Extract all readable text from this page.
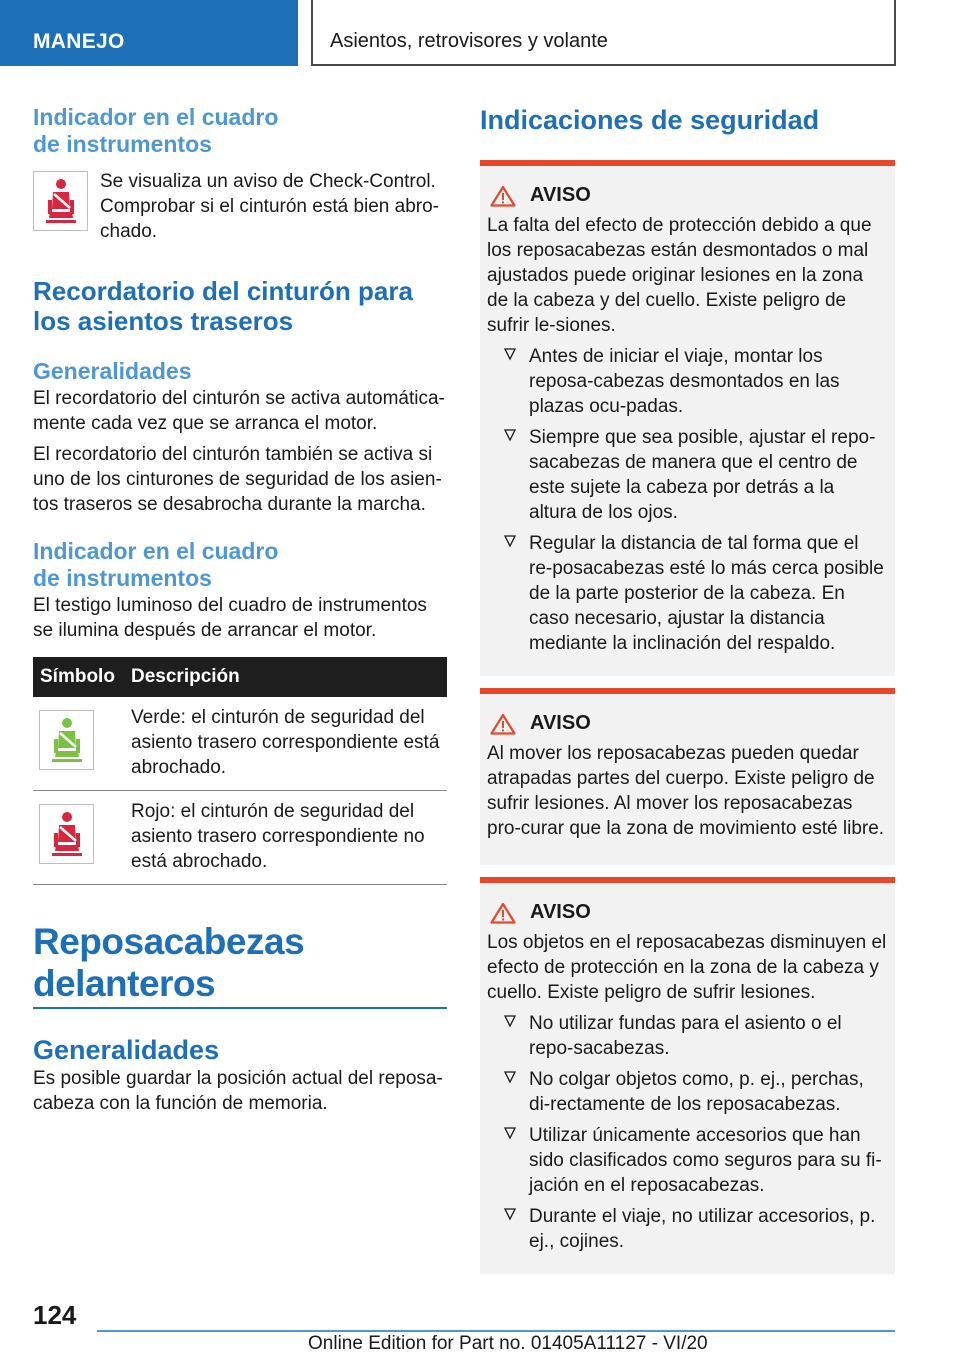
MANEJO	Asientos, retrovisores y volante
Indicador en el cuadro de instrumentos
Se visualiza un aviso de Check-Control. Comprobar si el cinturón está bien abro-chado.
Recordatorio del cinturón para los asientos traseros
Generalidades
El recordatorio del cinturón se activa automática-mente cada vez que se arranca el motor.
El recordatorio del cinturón también se activa si uno de los cinturones de seguridad de los asien-tos traseros se desabrocha durante la marcha.
Indicador en el cuadro de instrumentos
El testigo luminoso del cuadro de instrumentos se ilumina después de arrancar el motor.
Símbolo Descripción
Verde: el cinturón de seguridad del asiento trasero correspondiente está abrochado.
Rojo: el cinturón de seguridad del asiento trasero correspondiente no está abrochado.
Reposacabezas delanteros
Generalidades
Es posible guardar la posición actual del reposa-cabeza con la función de memoria.
Indicaciones de seguridad
AVISO
La falta del efecto de protección debido a que los reposacabezas están desmontados o mal ajustados puede originar lesiones en la zona de la cabeza y del cuello. Existe peligro de sufrir le-siones.
Antes de iniciar el viaje, montar los reposa-cabezas desmontados en las plazas ocu-padas.
Siempre que sea posible, ajustar el repo-sacabezas de manera que el centro de este sujete la cabeza por detrás a la altura de los ojos.
Regular la distancia de tal forma que el re-posacabezas esté lo más cerca posible de la parte posterior de la cabeza. En caso necesario, ajustar la distancia mediante la inclinación del respaldo.
AVISO
Al mover los reposacabezas pueden quedar atrapadas partes del cuerpo. Existe peligro de sufrir lesiones. Al mover los reposacabezas pro-curar que la zona de movimiento esté libre.
AVISO
Los objetos en el reposacabezas disminuyen el efecto de protección en la zona de la cabeza y cuello. Existe peligro de sufrir lesiones.
No utilizar fundas para el asiento o el repo-sacabezas.
No colgar objetos como, p. ej., perchas, di-rectamente de los reposacabezas.
Utilizar únicamente accesorios que han sido clasificados como seguros para su fi-jación en el reposacabezas.
Durante el viaje, no utilizar accesorios, p. ej., cojines.
124
Online Edition for Part no. 01405A11127 - VI/20
